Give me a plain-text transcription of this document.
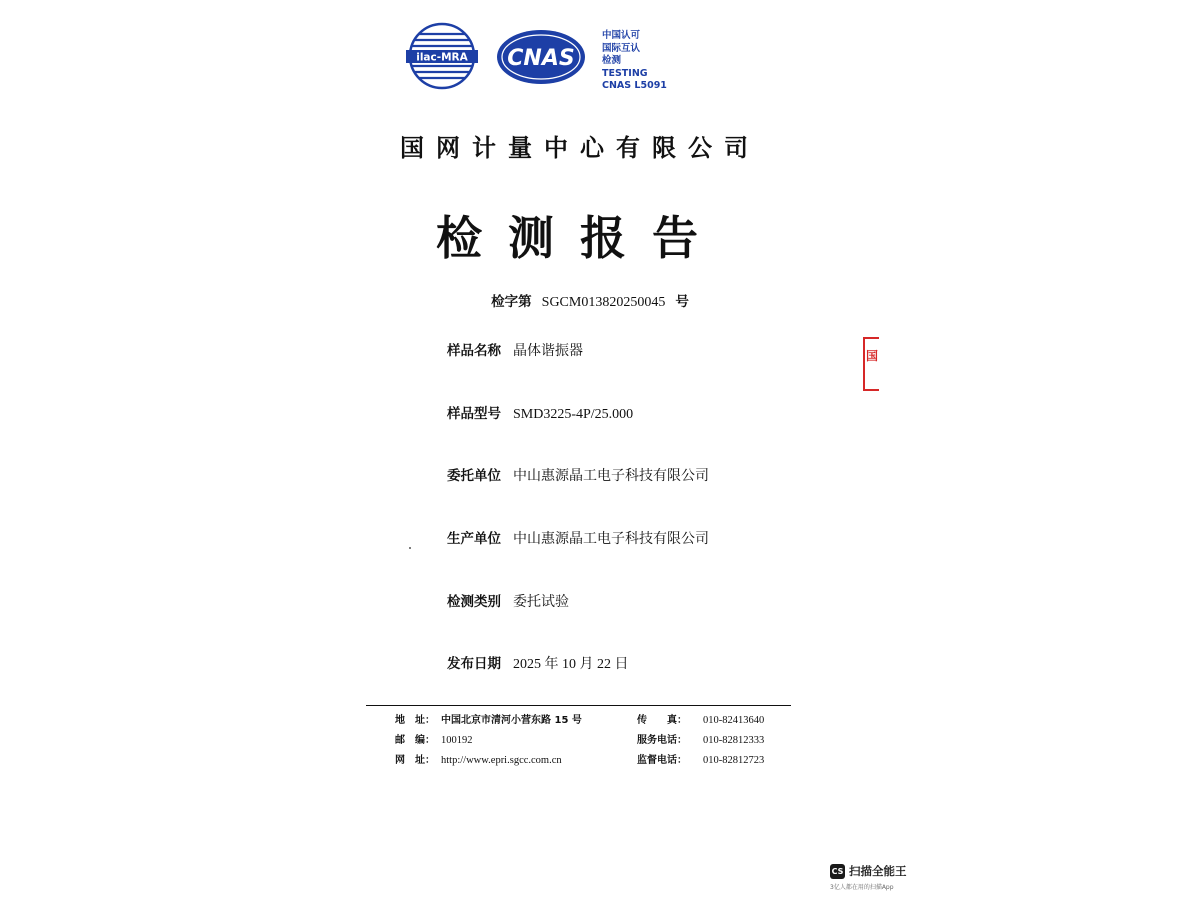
ilac-MRA CNAS
中国认可
国际互认
检测
TESTING
CNAS L5091
国网计量中心有限公司
检测报告
检字第 SGCM013820250045 号
样品名称 晶体谐振器
样品型号 SMD3225-4P/25.000
委托单位 中山惠源晶工电子科技有限公司
生产单位 中山惠源晶工电子科技有限公司
检测类别 委托试验
发布日期 2025 年 10 月 22 日
国
地　址： 中国北京市清河小营东路 15 号
邮　编： 100192
网　址： http://www.epri.sgcc.com.cn
传　　真： 010-82413640
服务电话： 010-82812333
监督电话： 010-82812723
CS 扫描全能王
3亿人都在用的扫描App
